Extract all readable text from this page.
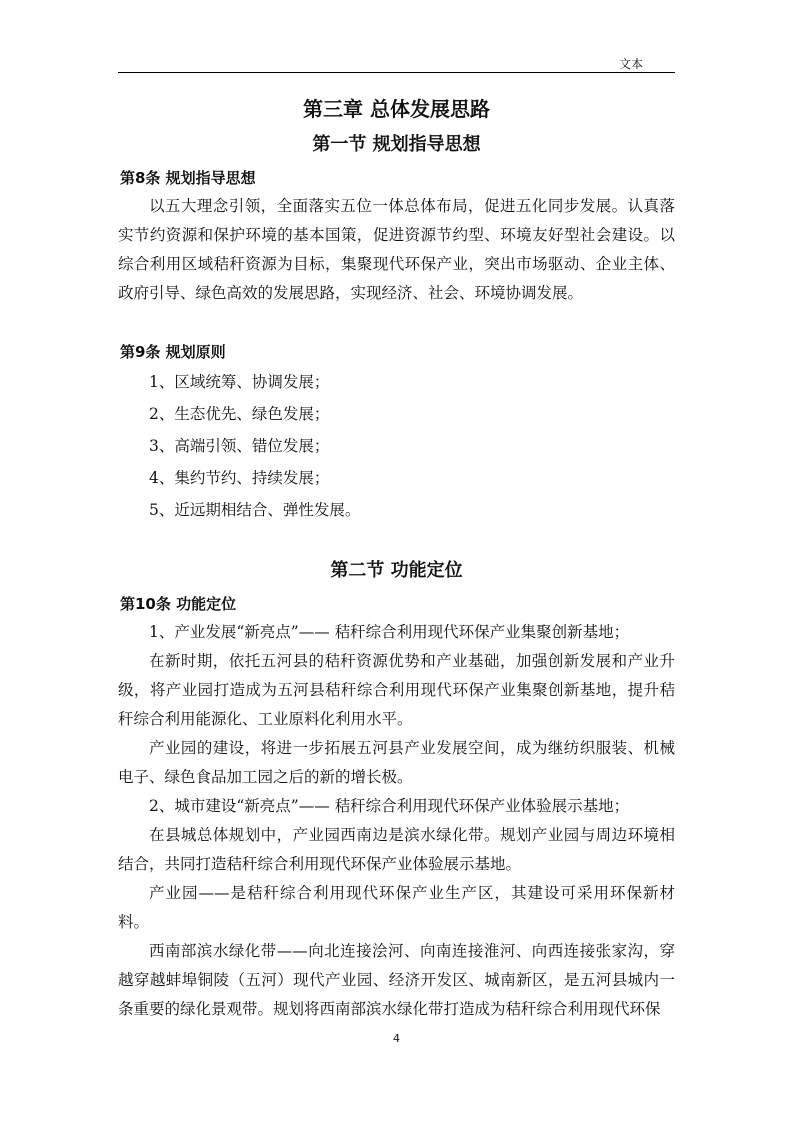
文本
第三章 总体发展思路
第一节 规划指导思想
第8条 规划指导思想

以五大理念引领，全面落实五位一体总体布局，促进五化同步发展。认真落实节约资源和保护环境的基本国策，促进资源节约型、环境友好型社会建设。以综合利用区域秸秆资源为目标，集聚现代环保产业，突出市场驱动、企业主体、政府引导、绿色高效的发展思路，实现经济、社会、环境协调发展。

第9条 规划原则

1、区域统筹、协调发展；

2、生态优先、绿色发展；

3、高端引领、错位发展；

4、集约节约、持续发展；

5、近远期相结合、弹性发展。

第二节 功能定位
第10条 功能定位

1、产业发展“新亮点”—— 秸秆综合利用现代环保产业集聚创新基地；

在新时期，依托五河县的秸秆资源优势和产业基础，加强创新发展和产业升级，将产业园打造成为五河县秸秆综合利用现代环保产业集聚创新基地，提升秸秆综合利用能源化、工业原料化利用水平。

产业园的建设，将进一步拓展五河县产业发展空间，成为继纺织服装、机械电子、绿色食品加工园之后的新的增长极。

2、城市建设“新亮点”—— 秸秆综合利用现代环保产业体验展示基地；

在县城总体规划中，产业园西南边是滨水绿化带。规划产业园与周边环境相结合，共同打造秸秆综合利用现代环保产业体验展示基地。

产业园——是秸秆综合利用现代环保产业生产区，其建设可采用环保新材料。

西南部滨水绿化带——向北连接浍河、向南连接淮河、向西连接张家沟，穿越穿越蚌埠铜陵（五河）现代产业园、经济开发区、城南新区，是五河县城内一条重要的绿化景观带。规划将西南部滨水绿化带打造成为秸秆综合利用现代环保

4
